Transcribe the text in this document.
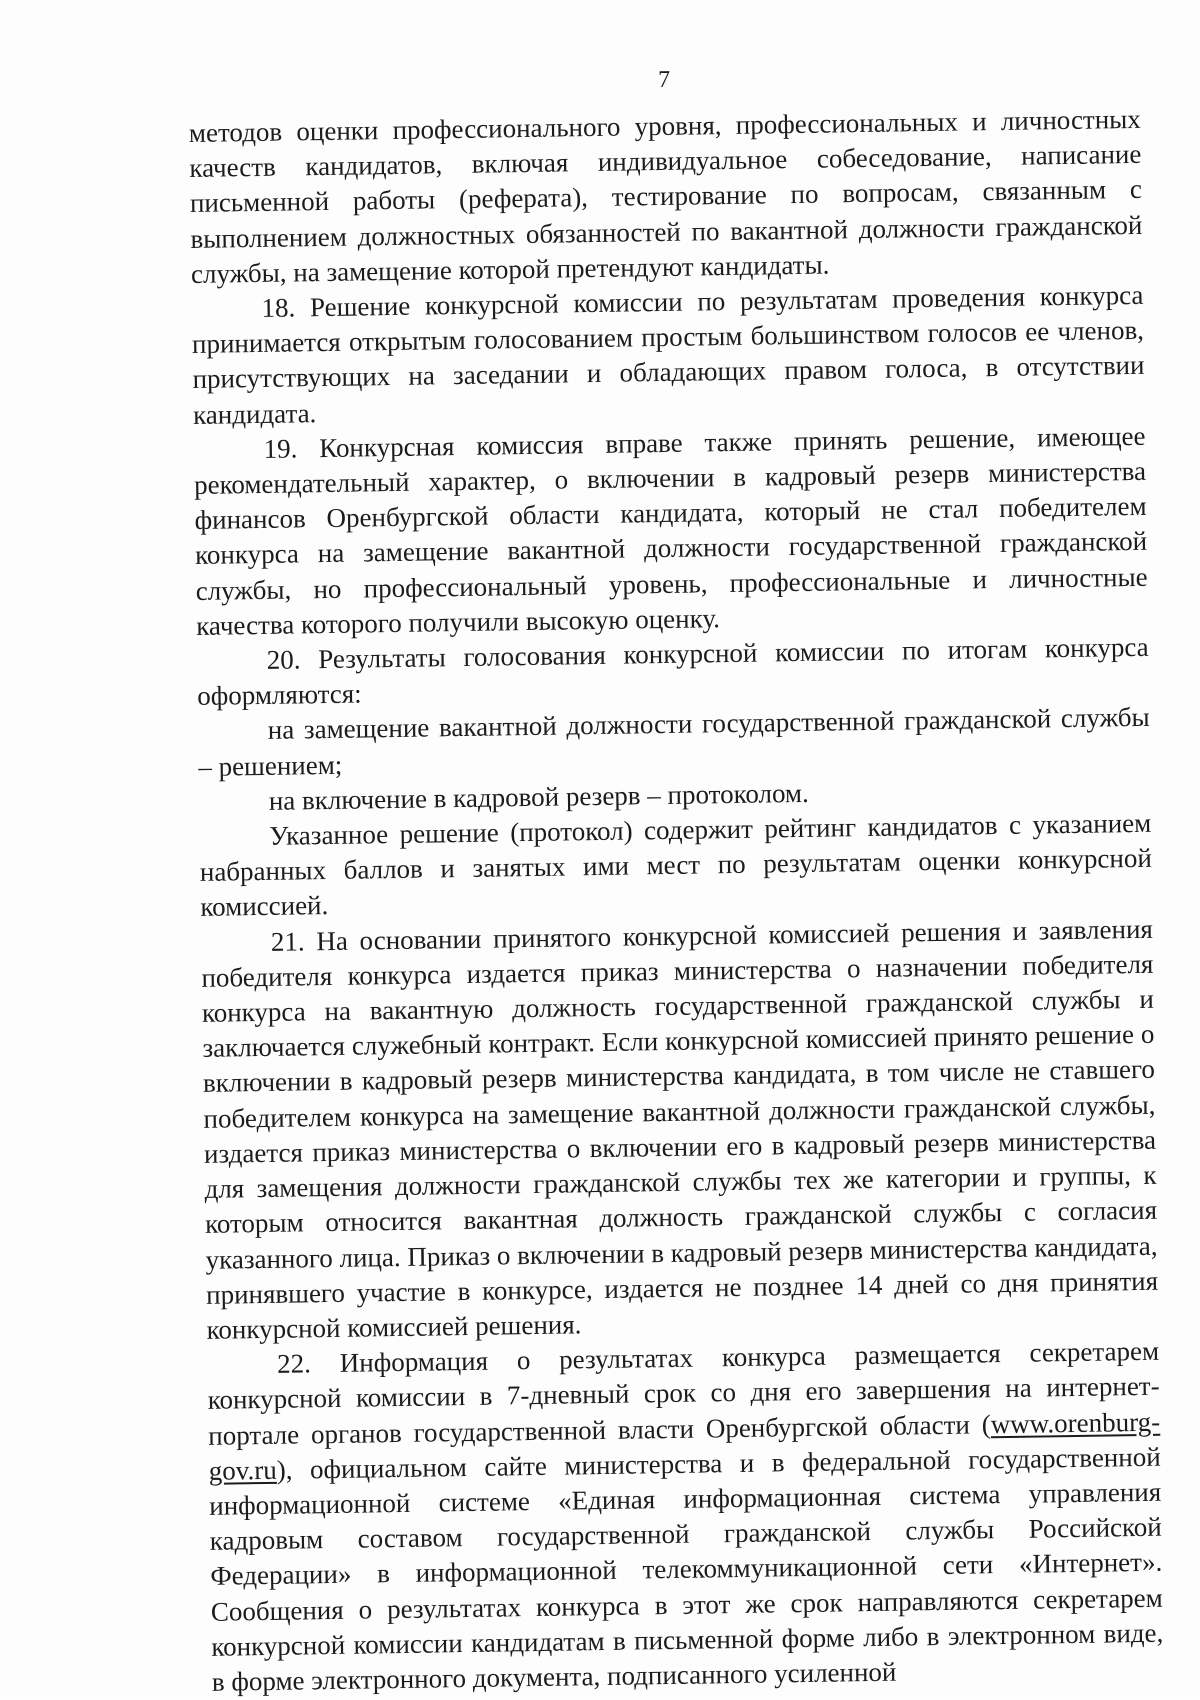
7

методов оценки профессионального уровня, профессиональных и личностных качеств кандидатов, включая индивидуальное собеседование, написание письменной работы (реферата), тестирование по вопросам, связанным с выполнением должностных обязанностей по вакантной должности гражданской службы, на замещение которой претендуют кандидаты.

18. Решение конкурсной комиссии по результатам проведения конкурса принимается открытым голосованием простым большинством голосов ее членов, присутствующих на заседании и обладающих правом голоса, в отсутствии кандидата.

19. Конкурсная комиссия вправе также принять решение, имеющее рекомендательный характер, о включении в кадровый резерв министерства финансов Оренбургской области кандидата, который не стал победителем конкурса на замещение вакантной должности государственной гражданской службы, но профессиональный уровень, профессиональные и личностные качества которого получили высокую оценку.

20. Результаты голосования конкурсной комиссии по итогам конкурса оформляются:

на замещение вакантной должности государственной гражданской службы – решением;

на включение в кадровой резерв – протоколом.

Указанное решение (протокол) содержит рейтинг кандидатов с указанием набранных баллов и занятых ими мест по результатам оценки конкурсной комиссией.

21. На основании принятого конкурсной комиссией решения и заявления победителя конкурса издается приказ министерства о назначении победителя конкурса на вакантную должность государственной гражданской службы и заключается служебный контракт. Если конкурсной комиссией принято решение о включении в кадровый резерв министерства кандидата, в том числе не ставшего победителем конкурса на замещение вакантной должности гражданской службы, издается приказ министерства о включении его в кадровый резерв министерства для замещения должности гражданской службы тех же категории и группы, к которым относится вакантная должность гражданской службы с согласия указанного лица. Приказ о включении в кадровый резерв министерства кандидата, принявшего участие в конкурсе, издается не позднее 14 дней со дня принятия конкурсной комиссией решения.

22. Информация о результатах конкурса размещается секретарем конкурсной комиссии в 7-дневный срок со дня его завершения на интернет-портале органов государственной власти Оренбургской области (www.orenburg-gov.ru), официальном сайте министерства и в федеральной государственной информационной системе «Единая информационная система управления кадровым составом государственной гражданской службы Российской Федерации» в информационной телекоммуникационной сети «Интернет». Сообщения о результатах конкурса в этот же срок направляются секретарем конкурсной комиссии кандидатам в письменной форме либо в электронном виде, в форме электронного документа, подписанного усиленной
